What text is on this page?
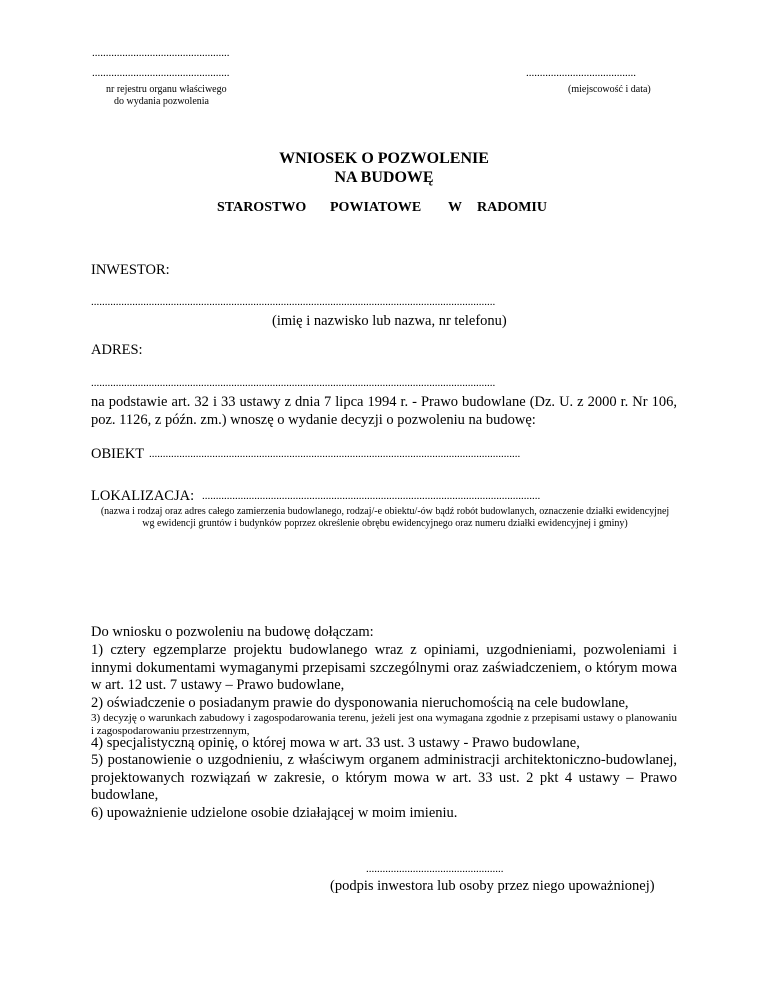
..................................................
..................................................
nr rejestru organu właściwego
do wydania pozwolenia
........................................
(miejscowość i data)
WNIOSEK O POZWOLENIE
NA BUDOWĘ
STAROSTWO POWIATOWE W RADOMIU
INWESTOR:
...................................................................................................................................................
(imię i nazwisko lub nazwa, nr telefonu)
ADRES:
...................................................................................................................................................
na podstawie art. 32 i 33 ustawy z dnia 7 lipca 1994 r. - Prawo budowlane (Dz. U. z 2000 r. Nr 106, poz. 1126, z późn. zm.) wnoszę o wydanie decyzji o pozwoleniu na budowę:
OBIEKT .......................................................................................................................................
LOKALIZACJA: ...........................................................................................................................
(nazwa i rodzaj oraz adres całego zamierzenia budowlanego, rodzaj/-e obiektu/-ów bądź robót budowlanych, oznaczenie działki ewidencyjnej wg ewidencji gruntów i budynków poprzez określenie obrębu ewidencyjnego oraz numeru działki ewidencyjnej i gminy)
Do wniosku o pozwoleniu na budowę dołączam:
1) cztery egzemplarze projektu budowlanego wraz z opiniami, uzgodnieniami, pozwoleniami i innymi dokumentami wymaganymi przepisami szczególnymi oraz zaświadczeniem, o którym mowa w art. 12 ust. 7 ustawy – Prawo budowlane,
2) oświadczenie o posiadanym prawie do dysponowania nieruchomością na cele budowlane,
3) decyzję o warunkach zabudowy i zagospodarowania terenu, jeżeli jest ona wymagana zgodnie z przepisami ustawy o planowaniu i zagospodarowaniu przestrzennym,
4) specjalistyczną opinię, o której mowa w art. 33 ust. 3 ustawy - Prawo budowlane,
5) postanowienie o uzgodnieniu, z właściwym organem administracji architektoniczno-budowlanej, projektowanych rozwiązań w zakresie, o którym mowa w art. 33 ust. 2 pkt 4 ustawy – Prawo budowlane,
6) upoważnienie udzielone osobie działającej w moim imieniu.
..................................................
(podpis inwestora lub osoby przez niego upoważnionej)
